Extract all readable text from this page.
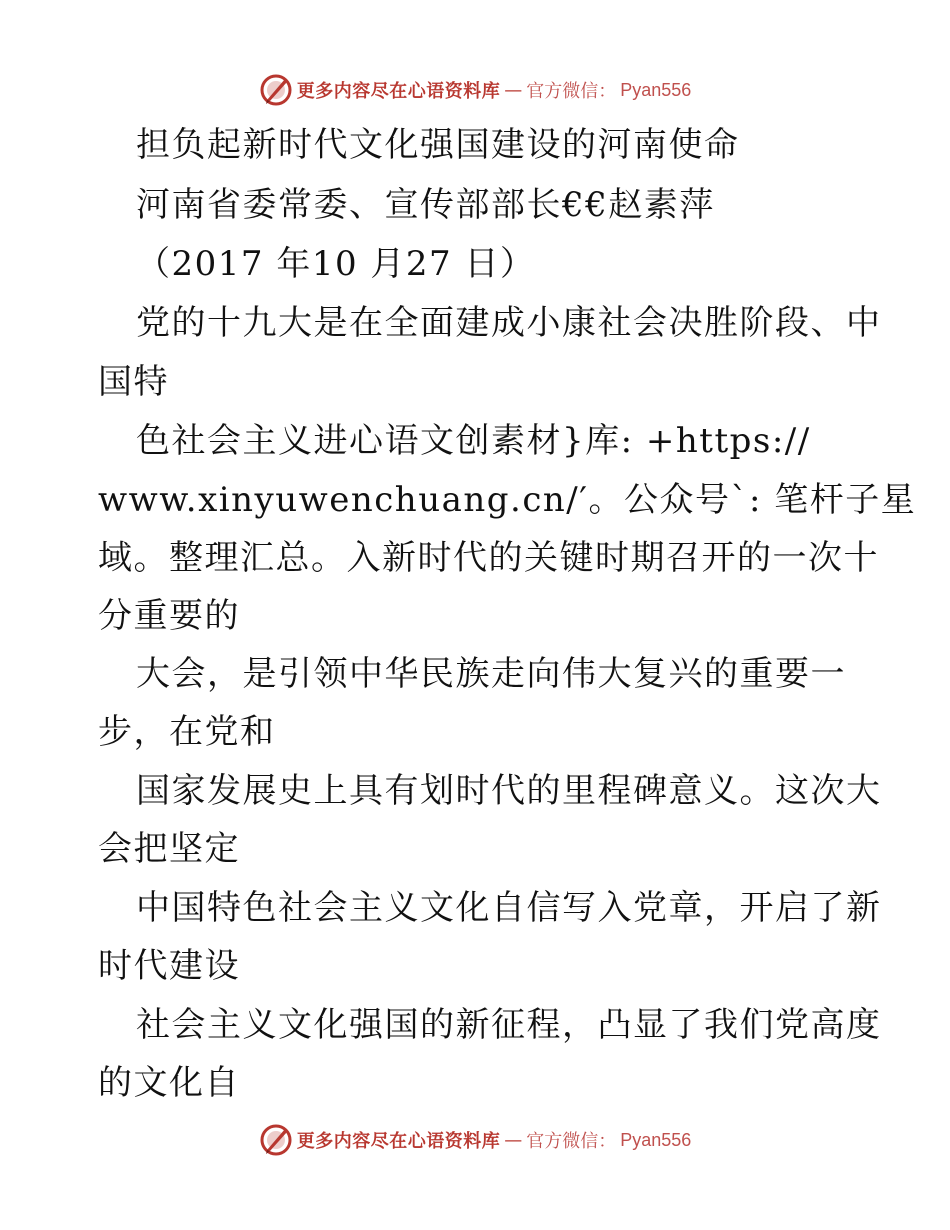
更多内容尽在心语资料库 — 官方微信： Pyan556
担负起新时代文化强国建设的河南使命
河南省委常委、宣传部部长€€赵素萍
（2017 年10 月27 日）
党的十九大是在全面建成小康社会决胜阶段、中
国特
色社会主义进心语文创素材}库: +https://
www.xinyuwenchuang.cn/′。公众号`: 笔杆子星
域。整理汇总。入新时代的关键时期召开的一次十
分重要的
大会，是引领中华民族走向伟大复兴的重要一
步，在党和
国家发展史上具有划时代的里程碑意义。这次大
会把坚定
中国特色社会主义文化自信写入党章，开启了新
时代建设
社会主义文化强国的新征程，凸显了我们党高度
的文化自
更多内容尽在心语资料库 — 官方微信： Pyan556
